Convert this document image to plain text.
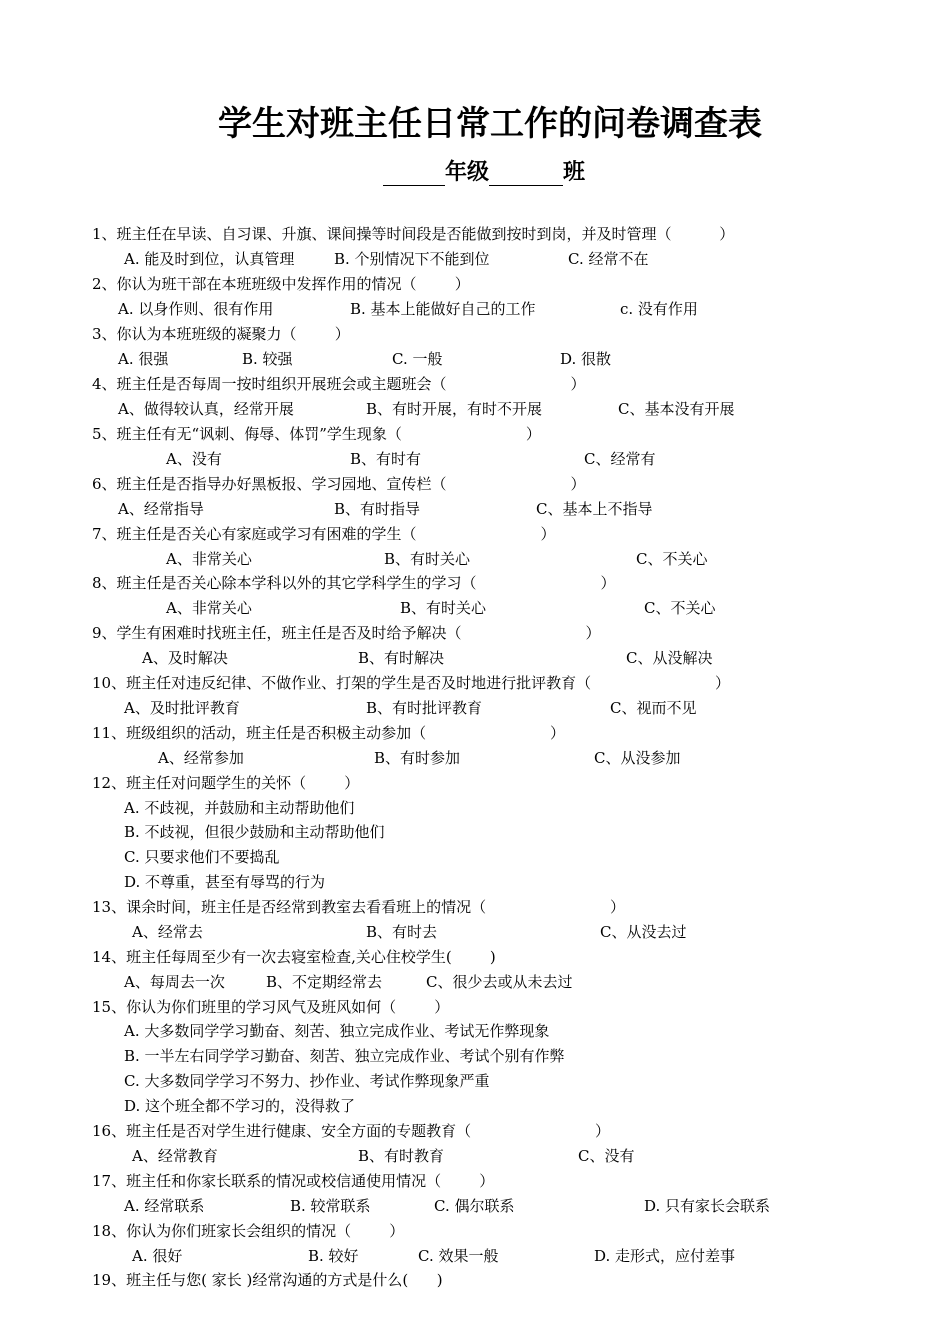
学生对班主任日常工作的问卷调查表
年级	班
1、班主任在早读、自习课、升旗、课间操等时间段是否能做到按时到岗，并及时管理（          ）
A. 能及时到位，认真管理	B. 个别情况下不能到位	C. 经常不在
2、你认为班干部在本班班级中发挥作用的情况（        ）
A. 以身作则、很有作用	B. 基本上能做好自己的工作	c. 没有作用
3、你认为本班班级的凝聚力（        ）
A. 很强	B. 较强	C. 一般	D. 很散
4、班主任是否每周一按时组织开展班会或主题班会（                          ）
A、做得较认真，经常开展	B、有时开展，有时不开展	C、基本没有开展
5、班主任有无“讽刺、侮辱、体罚”学生现象（                          ）
A、没有	B、有时有	C、经常有
6、班主任是否指导办好黑板报、学习园地、宣传栏（                          ）
A、经常指导	B、有时指导	C、基本上不指导
7、班主任是否关心有家庭或学习有困难的学生（                          ）
A、非常关心	B、有时关心	C、不关心
8、班主任是否关心除本学科以外的其它学科学生的学习（                          ）
A、非常关心	B、有时关心	C、不关心
9、学生有困难时找班主任，班主任是否及时给予解决（                          ）
A、及时解决	B、有时解决	C、从没解决
10、班主任对违反纪律、不做作业、打架的学生是否及时地进行批评教育（                          ）
A、及时批评教育	B、有时批评教育	C、视而不见
11、班级组织的活动，班主任是否积极主动参加（                          ）
A、经常参加	B、有时参加	C、从没参加
12、班主任对问题学生的关怀（        ）
A. 不歧视，并鼓励和主动帮助他们
B. 不歧视，但很少鼓励和主动帮助他们
C. 只要求他们不要捣乱
D. 不尊重，甚至有辱骂的行为
13、课余时间，班主任是否经常到教室去看看班上的情况（                          ）
A、经常去	B、有时去	C、从没去过
14、班主任每周至少有一次去寝室检查,关心住校学生(        )
A、每周去一次	B、不定期经常去	C、很少去或从未去过
15、你认为你们班里的学习风气及班风如何（        ）
A. 大多数同学学习勤奋、刻苦、独立完成作业、考试无作弊现象
B. 一半左右同学学习勤奋、刻苦、独立完成作业、考试个别有作弊
C. 大多数同学学习不努力、抄作业、考试作弊现象严重
D. 这个班全都不学习的，没得救了
16、班主任是否对学生进行健康、安全方面的专题教育（                          ）
A、经常教育	B、有时教育	C、没有
17、班主任和你家长联系的情况或校信通使用情况（        ）
A. 经常联系	B. 较常联系	C. 偶尔联系	D. 只有家长会联系
18、你认为你们班家长会组织的情况（        ）
A. 很好	B. 较好	C. 效果一般	D. 走形式，应付差事
19、班主任与您( 家长 )经常沟通的方式是什么(      )
